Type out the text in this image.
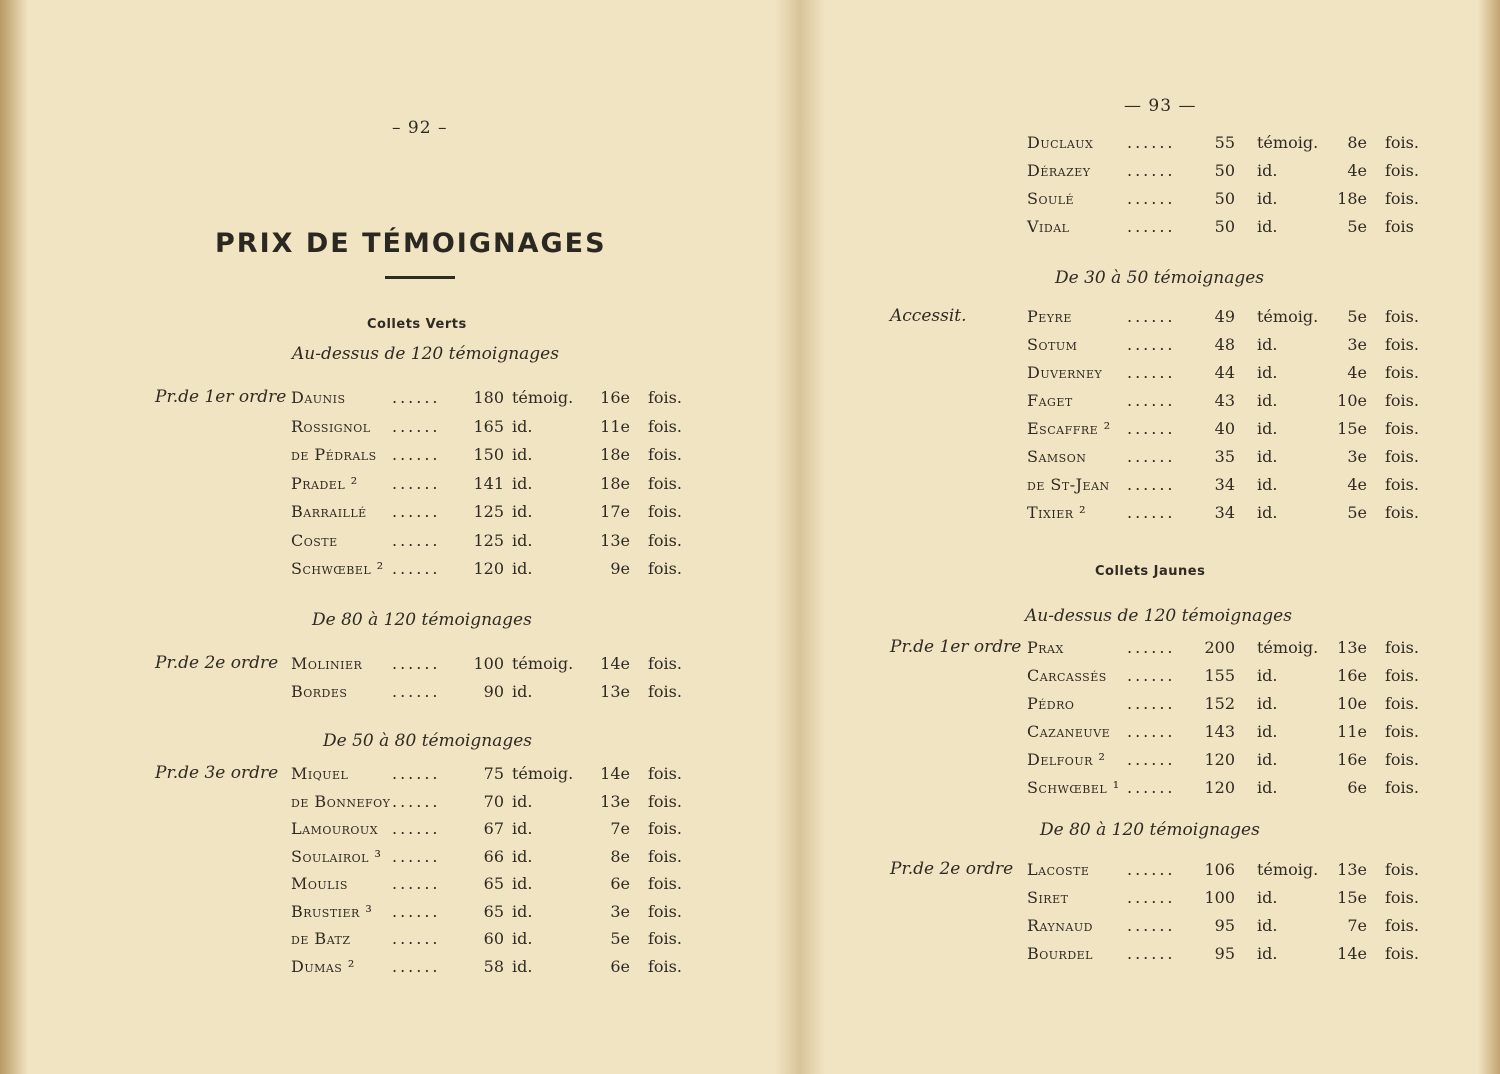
– 92 –
PRIX DE TÉMOIGNAGES
Collets Verts
Au-dessus de 120 témoignages
Pr.de 1er ordre Daunis	...... 180 témoig. 16e fois.
Rossignol ...... 165 id.	11e fois.
de Pédrals ...... 150 id.	18e fois.
Pradel ² ...... 141 id.	18e fois.
Barraillé ...... 125 id.	17e fois.
Coste	...... 125 id.	13e fois.
Schwœbel ² ...... 120 id.	9e fois.
De 80 à 120 témoignages
Pr.de 2e ordre Molinier ...... 100 témoig. 14e fois.
Bordes	......	90 id.	13e fois.
De 50 à 80 témoignages
Pr.de 3e ordre Miquel	......	75 témoig. 14e fois.
de Bonnefoy ......	70 id.	13e fois.
Lamouroux ......	67 id.	7e fois.
Soulairol ³ ......	66 id.	8e fois.
Moulis	......	65 id.	6e fois.
Brustier ³ ......	65 id.	3e fois.
de Batz	......	60 id.	5e fois.
Dumas ² ......	58 id.	6e fois.
— 93 —
Collets Jaunes
Duclaux ......	55 témoig.	8e fois.
Dérazey ......	50 id.	4e fois.
Soulé	......	50 id.	18e fois.
Vidal	......	50 id.	5e fois
De 30 à 50 témoignages
Accessit.	Peyre	......	49 témoig.	5e fois.
Sotum	......	48 id.	3e fois.
Duverney ......	44 id.	4e fois.
Faget	......	43 id.	10e fois.
Escaffre ² ......	40 id.	15e fois.
Samson	......	35 id.	3e fois.
de St-Jean ......	34 id.	4e fois.
Tixier ²	......	34 id.	5e fois.
Au-dessus de 120 témoignages
Pr.de 1er ordre Prax	...... 200 témoig. 13e fois.
Carcassés ...... 155 id.	16e fois.
Pédro	...... 152 id.	10e fois.
Cazaneuve ...... 143 id.	11e fois.
Delfour ² ...... 120 id.	16e fois.
Schwœbel ¹ ...... 120 id.	6e fois.
De 80 à 120 témoignages
Pr.de 2e ordre Lacoste ...... 106 témoig. 13e fois.
Siret	...... 100 id.	15e fois.
Raynaud ......	95 id.	7e fois.
Bourdel ......	95 id.	14e fois.
